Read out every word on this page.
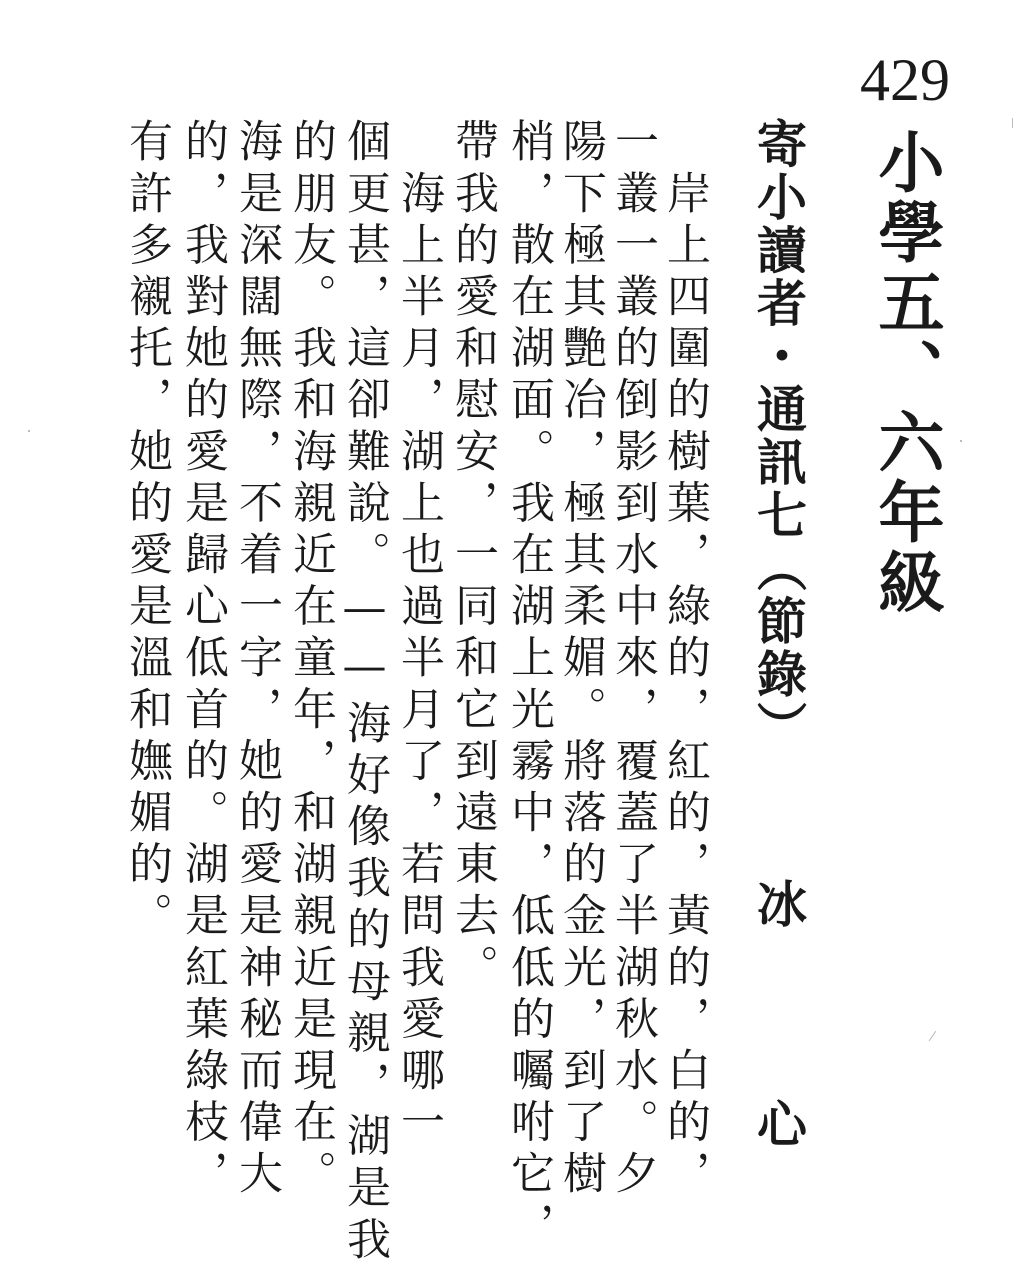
429
小學五、六年級
寄小讀者・通訊七（節錄）
冰　心
　岸上四圍的樹葉，綠的，紅的，黃的，白的，
一叢一叢的倒影到水中來，覆蓋了半湖秋水。夕
陽下極其艷冶，極其柔媚。將落的金光，到了樹
梢，散在湖面。我在湖上光霧中，低低的囑咐它，
帶我的愛和慰安，一同和它到遠東去。
　海上半月，湖上也過半月了，若問我愛哪一
個更甚，這卻難說。——海好像我的母親，湖是我
的朋友。我和海親近在童年，和湖親近是現在。
海是深闊無際，不着一字，她的愛是神秘而偉大
的，我對她的愛是歸心低首的。湖是紅葉綠枝，
有許多襯托，她的愛是溫和嫵媚的。
